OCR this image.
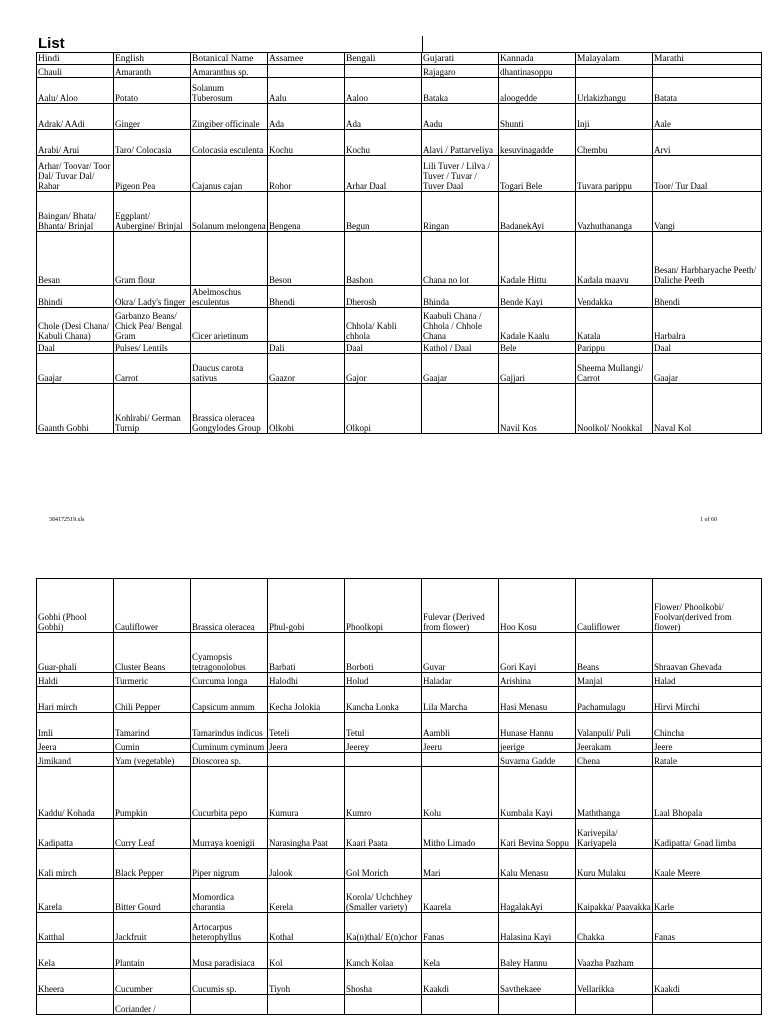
List
Hindi	English	Botanical Name	Assamee	Bengali	Gujarati	Kannada	Malayalam	Marathi
Chauli	Amaranth	Amaranthus sp.			Rajagaro	dhantinasoppu		
Aalu/ Aloo	Potato	Solanum Tuberosum	Aalu	Aaloo	Bataka	aloogedde	Urlakizhangu	Batata
Adrak/ AAdi	Ginger	Zingiber officinale	Ada	Ada	Aadu	Shunti	Inji	Aale
Arabi/ Arui	Taro/ Colocasia	Colocasia esculenta	Kochu	Kochu	Alavi / Pattarveliya	kesuvinagadde	Chembu	Arvi
Arhar/ Toovar/ Toor Dal/ Tuvar Dal/ Rahar	Pigeon Pea	Cajanus cajan	Rohor	Arhar Daal	Lili Tuver / Lilva / Tuver / Tuvar / Tuver Daal	Togari Bele	Tuvara parippu	Toor/ Tur Daal
Baingan/ Bhata/ Bhanta/ Brinjal	Eggplant/ Aubergine/ Brinjal	Solanum melongena	Bengena	Begun	Ringan	BadanekAyi	Vazhuthananga	Vangi
Besan	Gram flour		Beson	Bashon	Chana no lot	Kadale Hittu	Kadala maavu	Besan/ Harbharyache Peeth/ Daliche Peeth
Bhindi	Okra/ Lady's finger	Abelmoschus esculentus	Bhendi	Dherosh	Bhinda	Bende Kayi	Vendakka	Bhendi
Chole (Desi Chana/ Kabuli Chana)	Garbanzo Beans/ Chick Pea/ Bengal Gram	Cicer arietinum		Chhola/ Kabli chhola	Kaabuli Chana / Chhola / Chhole Chana	Kadale Kaalu	Katala	Harbalra
Daal	Pulses/ Lentils		Dali	Daal	Kathol / Daal	Bele	Parippu	Daal
Gaajar	Carrot	Daucus carota sativus	Gaazor	Gajor	Gaajar	Gajjari	Sheema Mullangi/ Carrot	Gaajar
Gaanth Gobhi	Kohlrabi/ German Turnip	Brassica oleracea Gongylodes Group	Olkobi	Olkopi		Navil Kos	Noolkol/ Nookkal	Naval Kol
384172519.xls	1 of 60
Gobhi (Phool Gobhi)	Cauliflower	Brassica oleracea	Phul-gobi	Phoolkopi	Fulevar (Derived from flower)	Hoo Kosu	Cauliflower	Flower/ Phoolkobi/ Foolvar(derived from flower)
Guar-phali	Cluster Beans	Cyamopsis tetragonolobus	Barbati	Borboti	Guvar	Gori Kayi	Beans	Shraavan Ghevada
Haldi	Turmeric	Curcuma longa	Halodhi	Holud	Haladar	Arishina	Manjal	Halad
Hari mirch	Chili Pepper	Capsicum annum	Kecha Jolokia	Kancha Lonka	Lila Marcha	Hasi Menasu	Pachamulagu	Hirvi Mirchi
Imli	Tamarind	Tamarindus indicus	Teteli	Tetul	Aambli	Hunase Hannu	Valanpuli/ Puli	Chincha
Jeera	Cumin	Cuminum cyminum	Jeera	Jeerey	Jeeru	jeerige	Jeerakam	Jeere
Jimikand	Yam (vegetable)	Dioscorea sp.				Suvarna Gadde	Chena	Ratale
Kaddu/ Kohada	Pumpkin	Cucurbita pepo	Kumura	Kumro	Kolu	Kumbala Kayi	Maththanga	Laal Bhopala
Kadipatta	Curry Leaf	Murraya koenigii	Narasingha Paat	Kaari Paata	Mitho Limado	Kari Bevina Soppu	Karivepila/ Kariyapela	Kadipatta/ Goad limba
Kali mirch	Black Pepper	Piper nigrum	Jalook	Gol Morich	Mari	Kalu Menasu	Kuru Mulaku	Kaale Meere
Karela	Bitter Gourd	Momordica charantia	Kerela	Korola/ Uchchhey (Smaller variety)	Kaarela	HagalakAyi	Kaipakka/ Paavakka	Karle
Katthal	Jackfruit	Artocarpus heterophyllus	Kothal	Ka(n)thal/ E(n)chor	Fanas	Halasina Kayi	Chakka	Fanas
Kela	Plantain	Musa paradisiaca	Kol	Kanch Kolaa	Kela	Baley Hannu	Vaazha Pazham	
Kheera	Cucumber	Cucumis sp.	Tiyoh	Shosha	Kaakdi	Savthekaee	Vellarikka	Kaakdi
	Coriander /							
